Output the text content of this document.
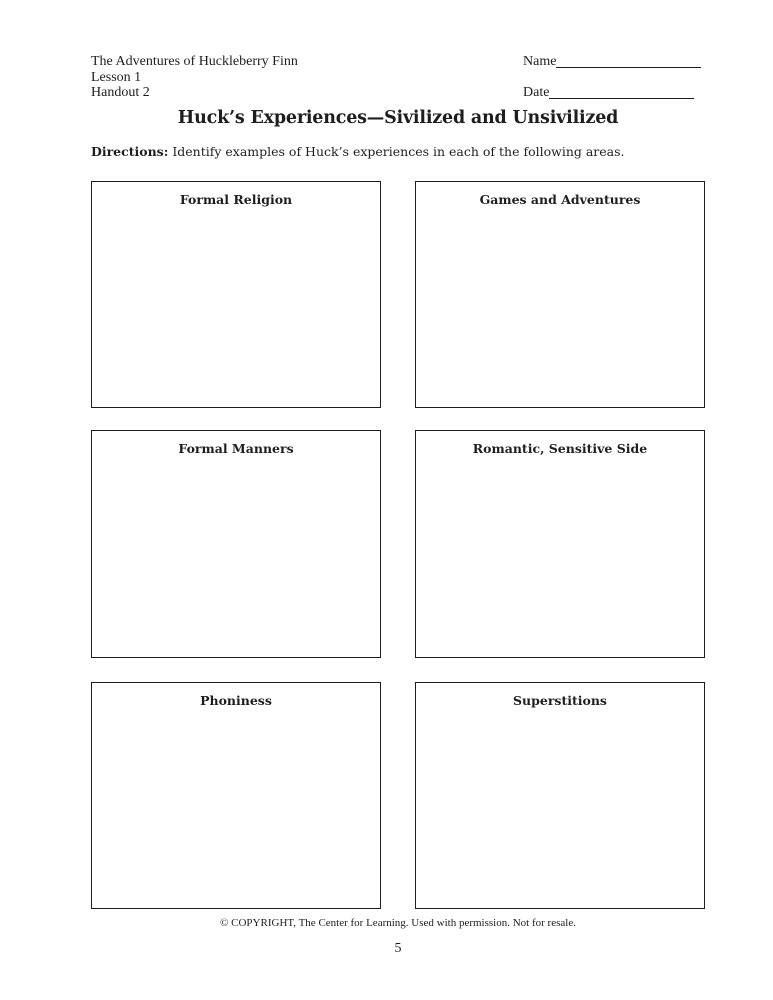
The Adventures of Huckleberry Finn
Lesson 1
Handout 2
Name
Date
Huck’s Experiences—Sivilized and Unsivilized
Directions: Identify examples of Huck’s experiences in each of the following areas.
Formal Religion	Games and Adventures
Formal Manners	Romantic, Sensitive Side
Phoniness	Superstitions
© COPYRIGHT, The Center for Learning. Used with permission. Not for resale.
5
